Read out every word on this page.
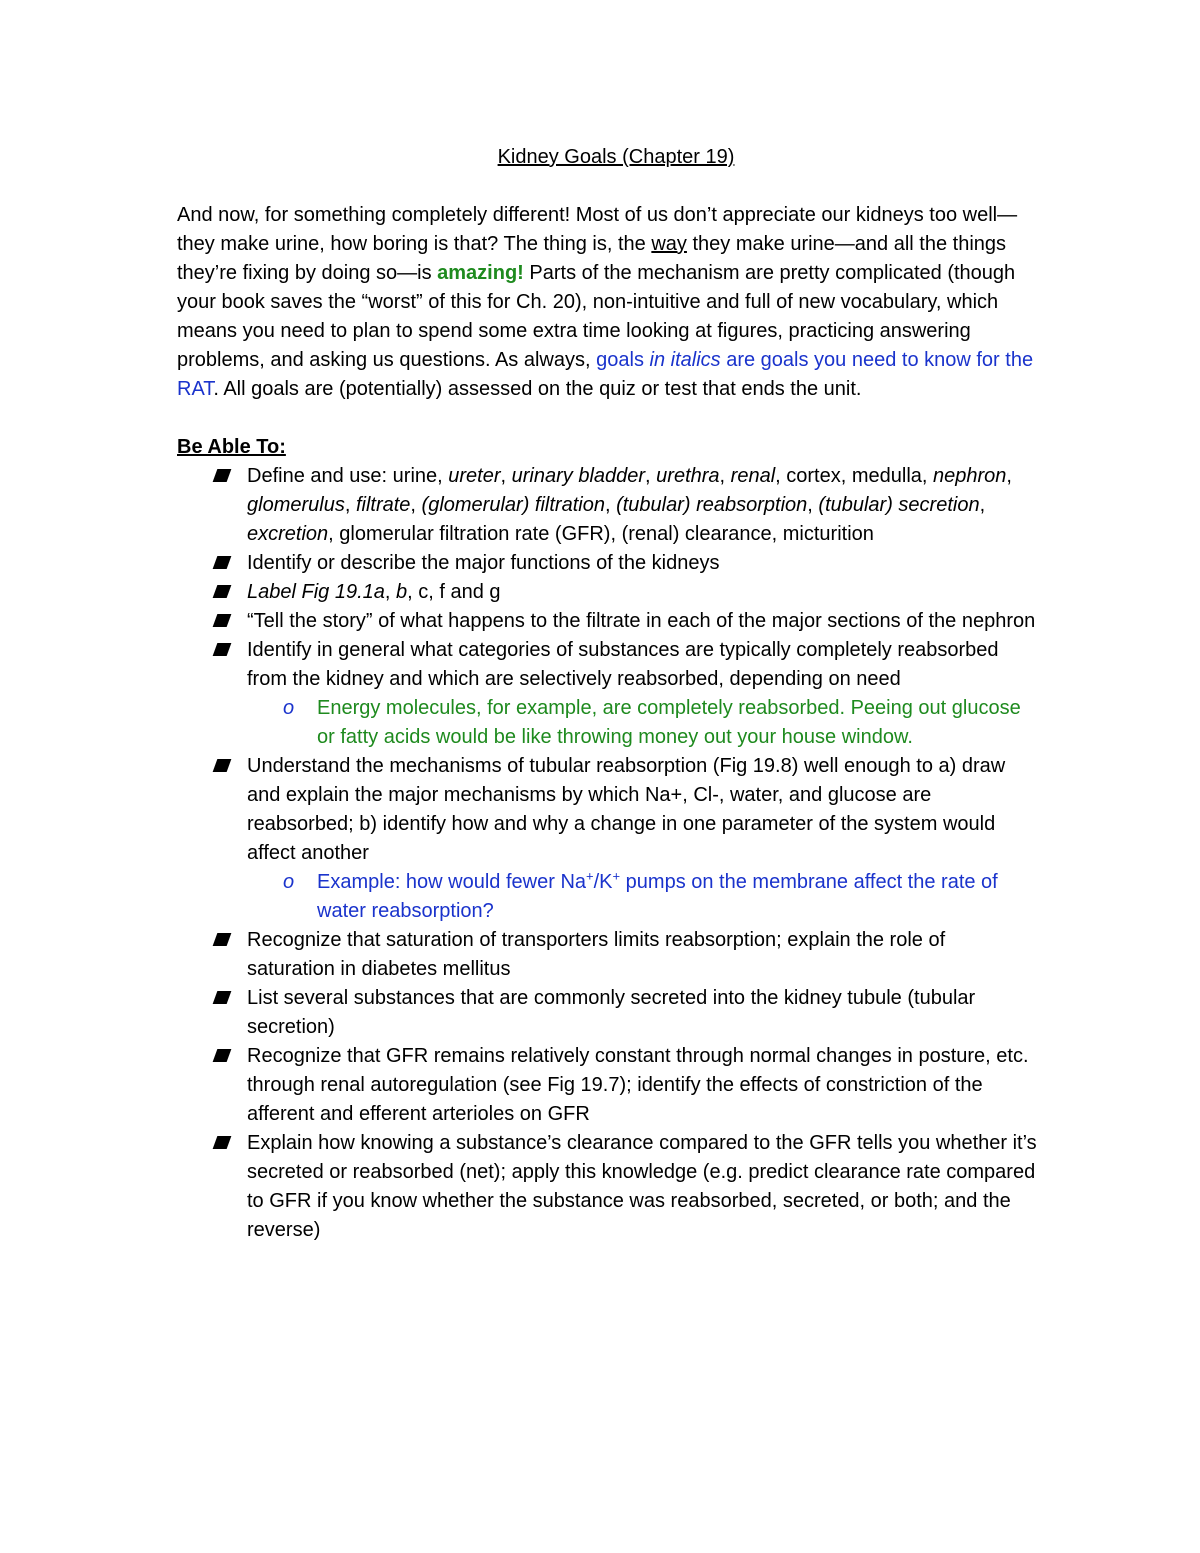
Kidney Goals (Chapter 19)

And now, for something completely different! Most of us don’t appreciate our kidneys too well—they make urine, how boring is that? The thing is, the way they make urine—and all the things they’re fixing by doing so—is amazing! Parts of the mechanism are pretty complicated (though your book saves the “worst” of this for Ch. 20), non-intuitive and full of new vocabulary, which means you need to plan to spend some extra time looking at figures, practicing answering problems, and asking us questions. As always, goals in italics are goals you need to know for the RAT. All goals are (potentially) assessed on the quiz or test that ends the unit.

Be Able To:

Define and use: urine, ureter, urinary bladder, urethra, renal, cortex, medulla, nephron, glomerulus, filtrate, (glomerular) filtration, (tubular) reabsorption, (tubular) secretion, excretion, glomerular filtration rate (GFR), (renal) clearance, micturition
Identify or describe the major functions of the kidneys
Label Fig 19.1a, b, c, f and g
“Tell the story” of what happens to the filtrate in each of the major sections of the nephron
Identify in general what categories of substances are typically completely reabsorbed from the kidney and which are selectively reabsorbed, depending on need
o Energy molecules, for example, are completely reabsorbed. Peeing out glucose or fatty acids would be like throwing money out your house window.
Understand the mechanisms of tubular reabsorption (Fig 19.8) well enough to a) draw and explain the major mechanisms by which Na+, Cl-, water, and glucose are reabsorbed; b) identify how and why a change in one parameter of the system would affect another
o Example: how would fewer Na+/K+ pumps on the membrane affect the rate of water reabsorption?
Recognize that saturation of transporters limits reabsorption; explain the role of saturation in diabetes mellitus
List several substances that are commonly secreted into the kidney tubule (tubular secretion)
Recognize that GFR remains relatively constant through normal changes in posture, etc. through renal autoregulation (see Fig 19.7); identify the effects of constriction of the afferent and efferent arterioles on GFR
Explain how knowing a substance’s clearance compared to the GFR tells you whether it’s secreted or reabsorbed (net); apply this knowledge (e.g. predict clearance rate compared to GFR if you know whether the substance was reabsorbed, secreted, or both; and the reverse)
